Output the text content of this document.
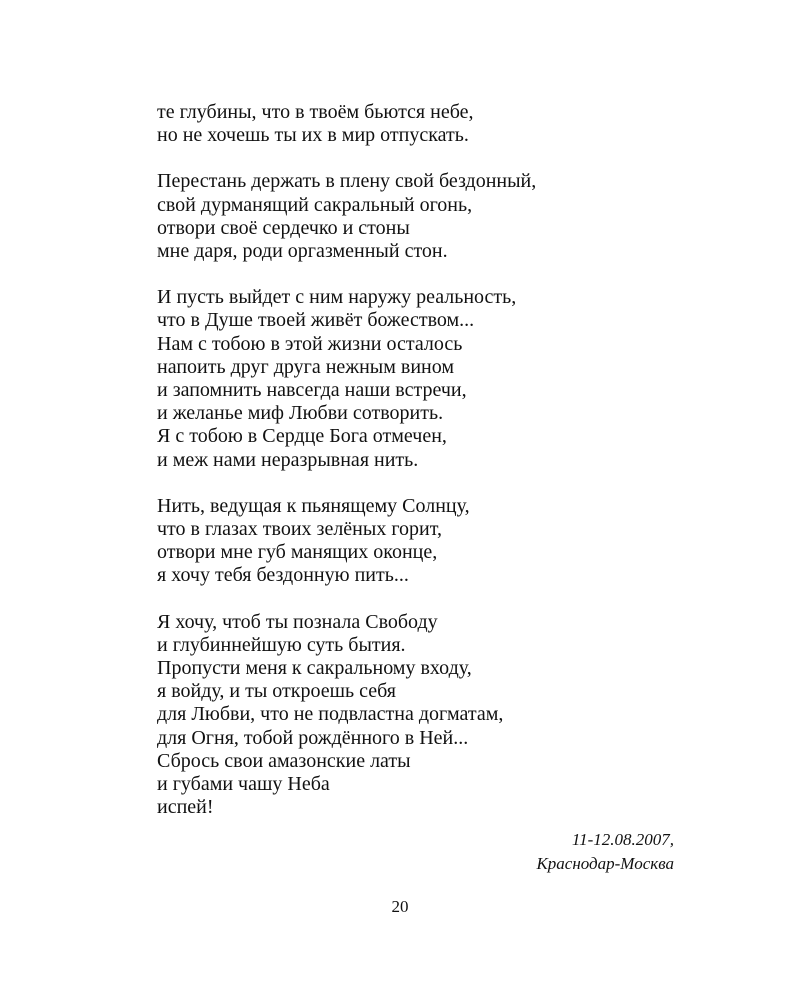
те глубины, что в твоём бьются небе,
но не хочешь ты их в мир отпускать.
Перестань держать в плену свой бездонный,
свой дурманящий сакральный огонь,
отвори своё сердечко и стоны
мне даря, роди оргазменный стон.
И пусть выйдет с ним наружу реальность,
что в Душе твоей живёт божеством...
Нам с тобою в этой жизни осталось
напоить друг друга нежным вином
и запомнить навсегда наши встречи,
и желанье миф Любви сотворить.
Я с тобою в Сердце Бога отмечен,
и меж нами неразрывная нить.
Нить, ведущая к пьянящему Солнцу,
что в глазах твоих зелёных горит,
отвори мне губ манящих оконце,
я хочу тебя бездонную пить...
Я хочу, чтоб ты познала Свободу
и глубиннейшую суть бытия.
Пропусти меня к сакральному входу,
я войду, и ты откроешь себя
для Любви, что не подвластна догматам,
для Огня, тобой рождённого в Ней...
Сбрось свои амазонские латы
и губами чашу Неба
испей!
11-12.08.2007,
Краснодар-Москва
20
